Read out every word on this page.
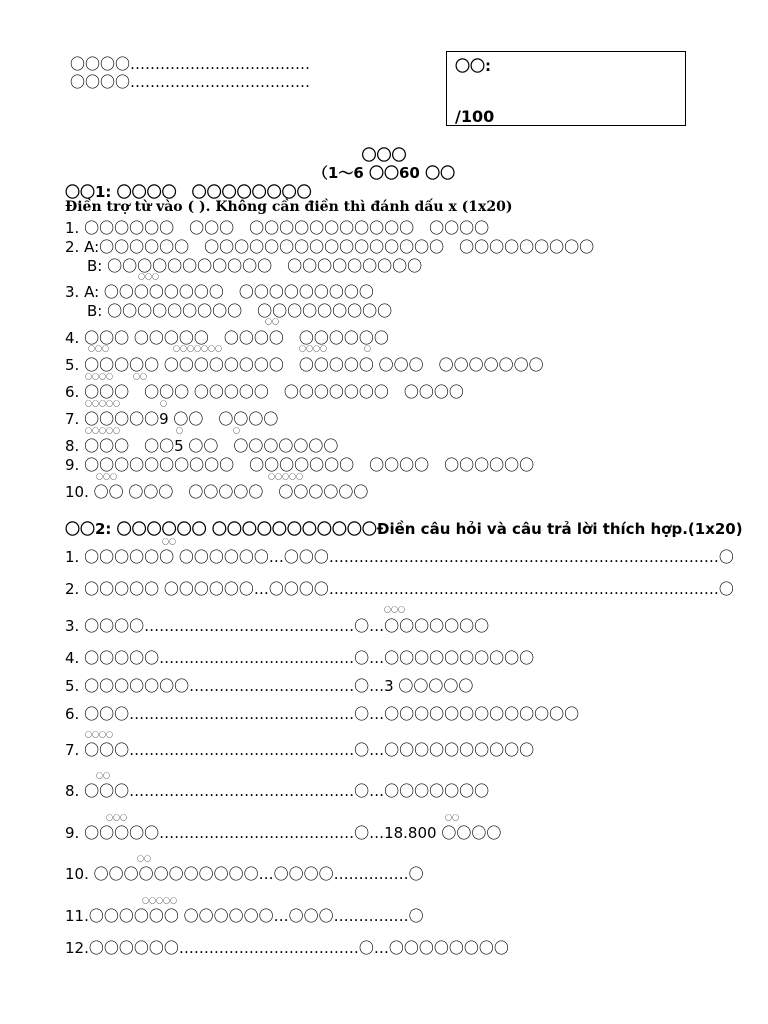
〇〇〇〇………………………………
〇〇〇〇………………………………
〇〇:
/100
〇〇〇
（1〜6 〇〇60 〇〇
〇〇1: 〇〇〇〇　〇〇〇〇〇〇〇〇
Điền trợ từ vào ( ). Không cần điền thì đánh dấu x (1x20)
1. 〇〇〇〇〇〇　〇〇〇　〇〇〇〇〇〇〇〇〇〇〇　〇〇〇〇
2. A:〇〇〇〇〇〇　〇〇〇〇〇〇〇〇〇〇〇〇〇〇〇〇　〇〇〇〇〇〇〇〇〇
B: 〇〇〇〇〇〇〇〇〇〇〇　〇〇〇〇〇〇〇〇〇
〇〇〇
3. A: 〇〇〇〇〇〇〇〇　〇〇〇〇〇〇〇〇〇
B: 〇〇〇〇〇〇〇〇〇　〇〇〇〇〇〇〇〇〇
〇〇
4. 〇〇〇 〇〇〇〇〇　〇〇〇〇　〇〇〇〇〇〇
〇〇〇	〇〇〇〇〇〇〇	〇〇〇〇	〇
5. 〇〇〇〇〇 〇〇〇〇〇〇〇〇　〇〇〇〇〇 〇〇〇　〇〇〇〇〇〇〇
〇〇〇〇	〇〇
6. 〇〇〇　〇〇〇 〇〇〇〇〇　〇〇〇〇〇〇〇　〇〇〇〇
〇〇〇〇〇	〇
7. 〇〇〇〇〇9 〇〇　〇〇〇〇
〇〇〇〇〇	〇	〇
8. 〇〇〇　〇〇5 〇〇　〇〇〇〇〇〇〇
9. 〇〇〇〇〇〇〇〇〇〇　〇〇〇〇〇〇〇　〇〇〇〇　〇〇〇〇〇〇
〇〇〇	〇〇〇〇〇
10. 〇〇 〇〇〇　〇〇〇〇〇　〇〇〇〇〇〇
〇〇2: 〇〇〇〇〇〇 〇〇〇〇〇〇〇〇〇〇〇Điền câu hỏi và câu trả lời thích hợp.(1x20)
〇〇
1. 〇〇〇〇〇〇 〇〇〇〇〇〇…〇〇〇……………………………………………………………………〇
2. 〇〇〇〇〇 〇〇〇〇〇〇…〇〇〇〇……………………………………………………………………〇
〇〇〇
3. 〇〇〇〇……………………………………〇…〇〇〇〇〇〇〇
4. 〇〇〇〇〇…………………………………〇…〇〇〇〇〇〇〇〇〇〇
5. 〇〇〇〇〇〇〇……………………………〇…3 〇〇〇〇〇
6. 〇〇〇………………………………………〇…〇〇〇〇〇〇〇〇〇〇〇〇〇
〇〇〇〇
7. 〇〇〇………………………………………〇…〇〇〇〇〇〇〇〇〇〇
〇〇
8. 〇〇〇………………………………………〇…〇〇〇〇〇〇〇
〇〇〇	〇〇
9. 〇〇〇〇〇…………………………………〇…18.800 〇〇〇〇
〇〇
10. 〇〇〇〇〇〇〇〇〇〇〇…〇〇〇〇……………〇
〇〇〇〇〇
11.〇〇〇〇〇〇 〇〇〇〇〇〇…〇〇〇……………〇
12.〇〇〇〇〇〇………………………………〇…〇〇〇〇〇〇〇〇
